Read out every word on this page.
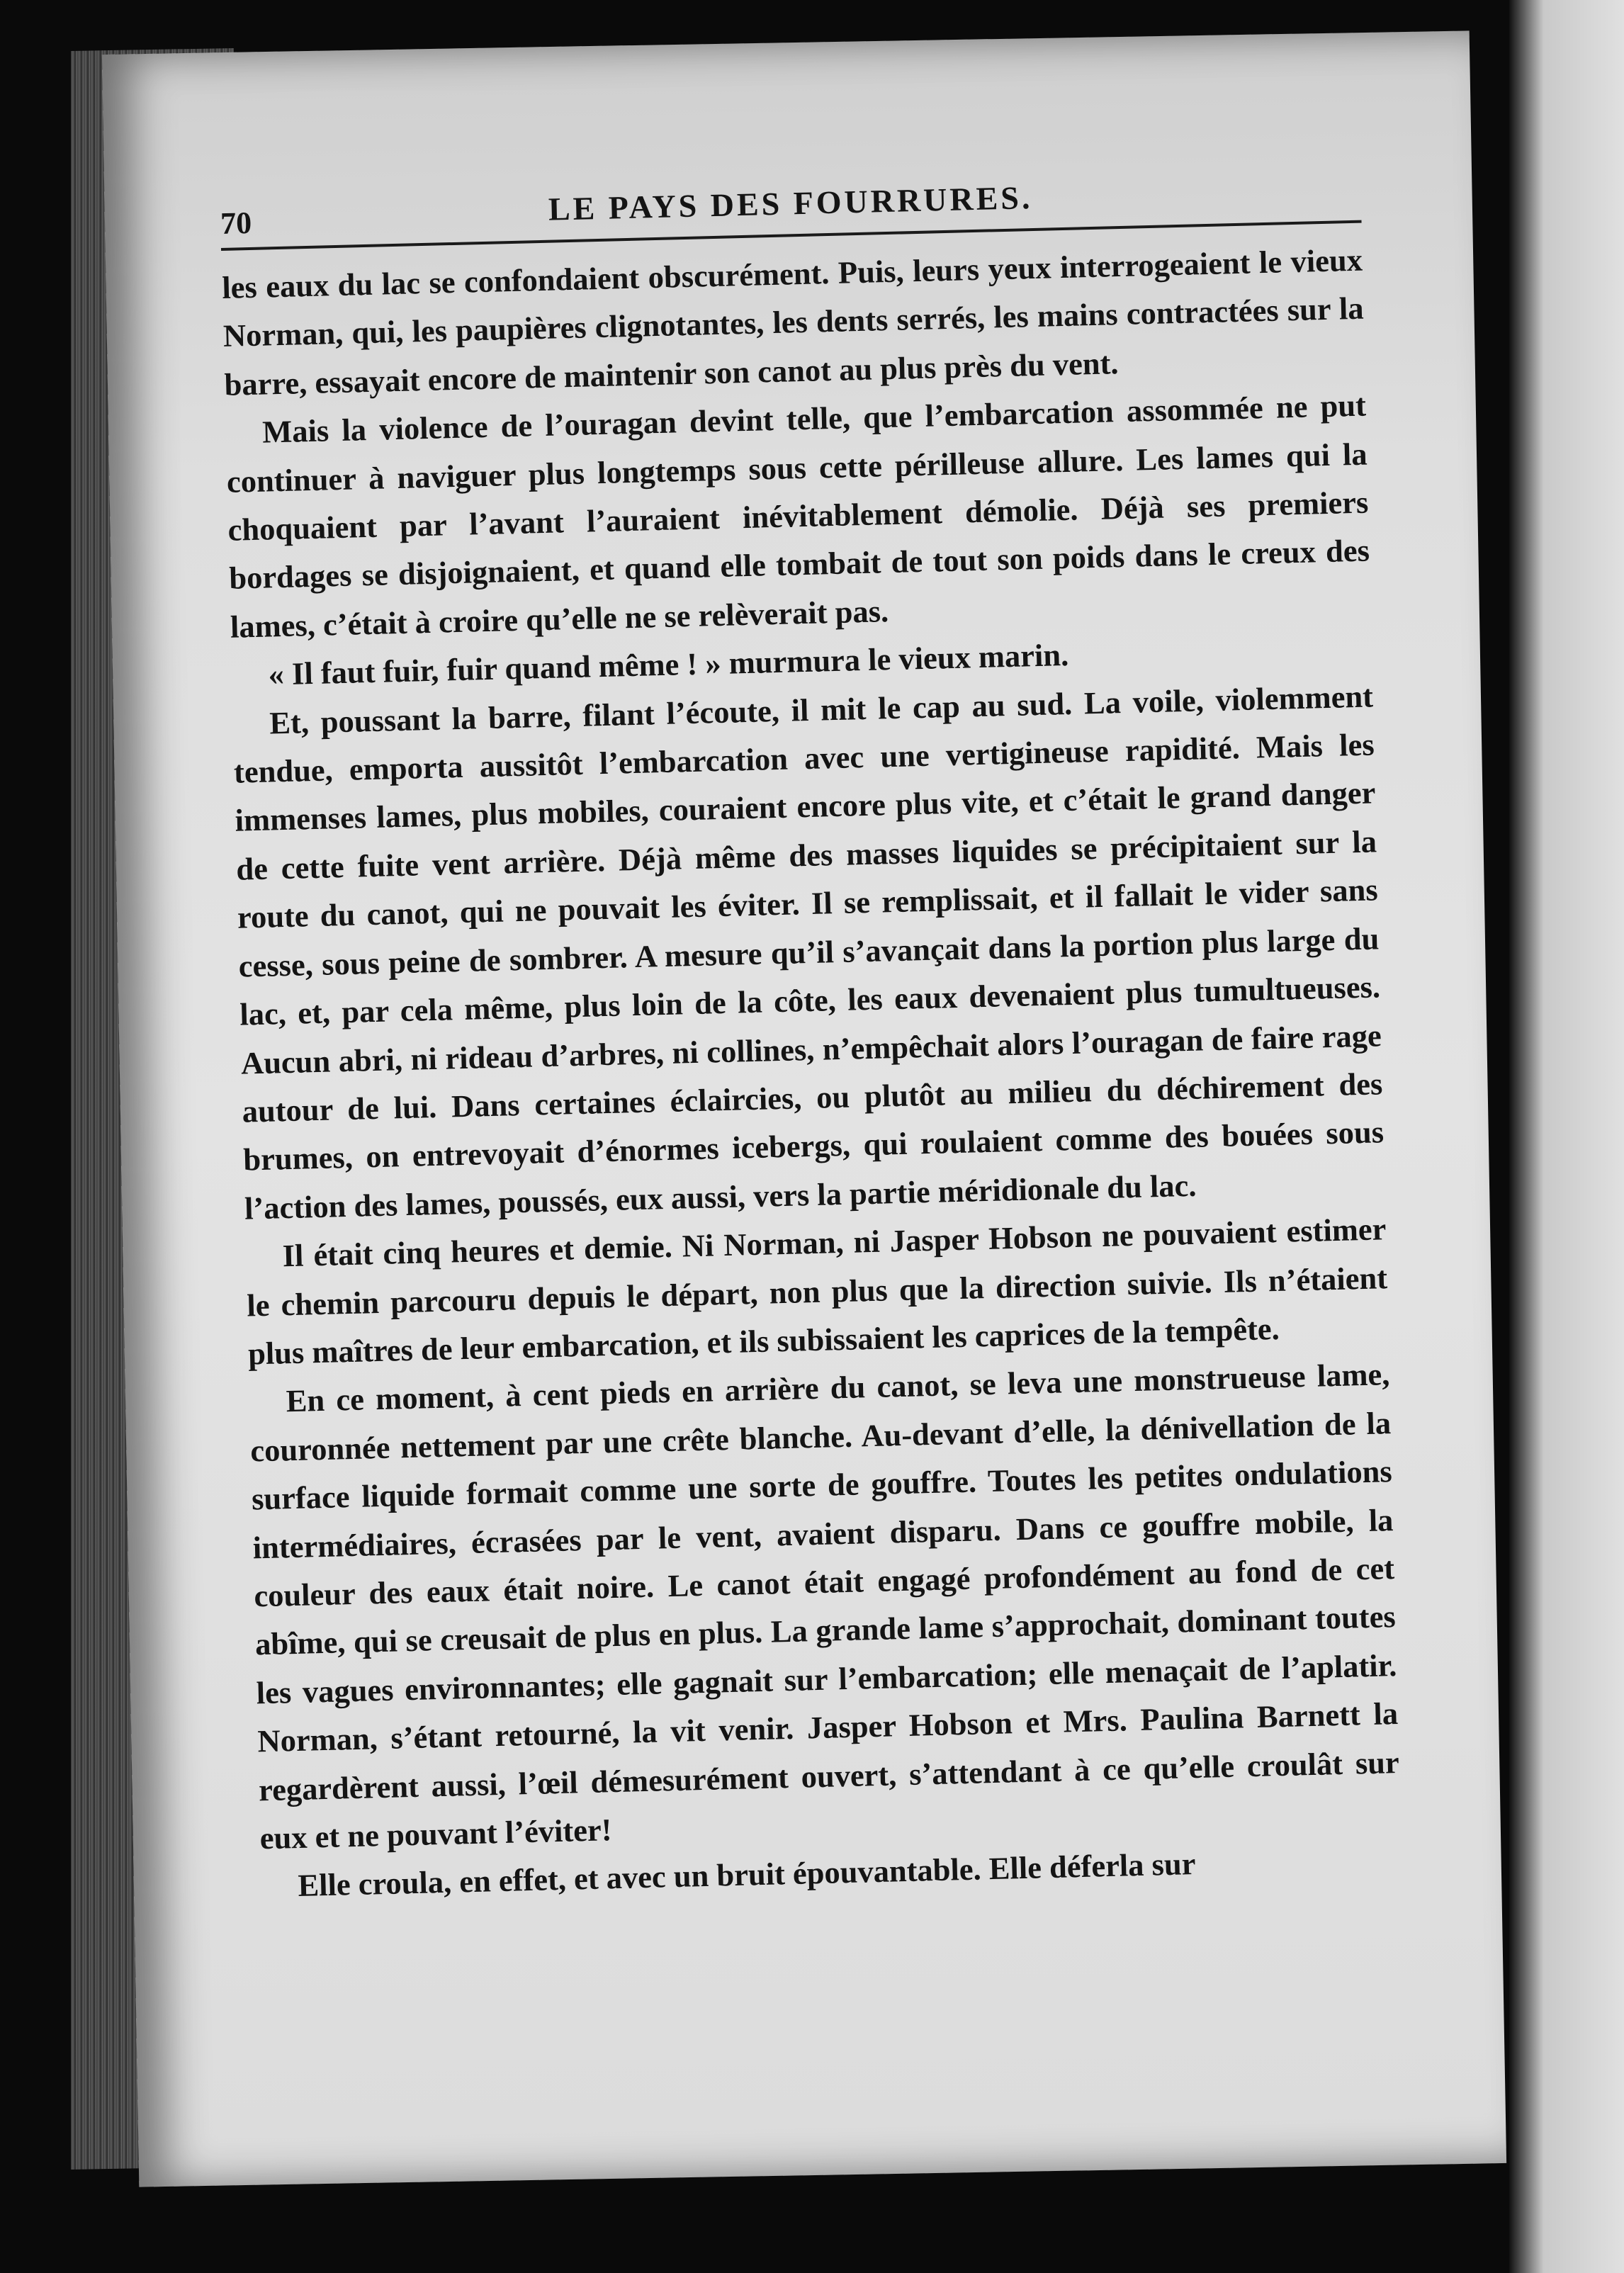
70	LE PAYS DES FOURRURES.

les eaux du lac se confondaient obscurément. Puis, leurs yeux interrogeaient le vieux Norman, qui, les paupières clignotantes, les dents serrés, les mains contractées sur la barre, essayait encore de maintenir son canot au plus près du vent.

Mais la violence de l’ouragan devint telle, que l’embarcation assommée ne put continuer à naviguer plus longtemps sous cette périlleuse allure. Les lames qui la choquaient par l’avant l’auraient inévitablement démolie. Déjà ses premiers bordages se disjoignaient, et quand elle tombait de tout son poids dans le creux des lames, c’était à croire qu’elle ne se relèverait pas.

« Il faut fuir, fuir quand même ! » murmura le vieux marin.

Et, poussant la barre, filant l’écoute, il mit le cap au sud. La voile, violemment tendue, emporta aussitôt l’embarcation avec une vertigineuse rapidité. Mais les immenses lames, plus mobiles, couraient encore plus vite, et c’était le grand danger de cette fuite vent arrière. Déjà même des masses liquides se précipitaient sur la route du canot, qui ne pouvait les éviter. Il se remplissait, et il fallait le vider sans cesse, sous peine de sombrer. A mesure qu’il s’avançait dans la portion plus large du lac, et, par cela même, plus loin de la côte, les eaux devenaient plus tumultueuses. Aucun abri, ni rideau d’arbres, ni collines, n’empêchait alors l’ouragan de faire rage autour de lui. Dans certaines éclaircies, ou plutôt au milieu du déchirement des brumes, on entrevoyait d’énormes icebergs, qui roulaient comme des bouées sous l’action des lames, poussés, eux aussi, vers la partie méridionale du lac.

Il était cinq heures et demie. Ni Norman, ni Jasper Hobson ne pouvaient estimer le chemin parcouru depuis le départ, non plus que la direction suivie. Ils n’étaient plus maîtres de leur embarcation, et ils subissaient les caprices de la tempête.

En ce moment, à cent pieds en arrière du canot, se leva une monstrueuse lame, couronnée nettement par une crête blanche. Au-devant d’elle, la dénivellation de la surface liquide formait comme une sorte de gouffre. Toutes les petites ondulations intermédiaires, écrasées par le vent, avaient disparu. Dans ce gouffre mobile, la couleur des eaux était noire. Le canot était engagé profondément au fond de cet abîme, qui se creusait de plus en plus. La grande lame s’approchait, dominant toutes les vagues environnantes; elle gagnait sur l’embarcation; elle menaçait de l’aplatir. Norman, s’étant retourné, la vit venir. Jasper Hobson et Mrs. Paulina Barnett la regardèrent aussi, l’œil démesurément ouvert, s’attendant à ce qu’elle croulât sur eux et ne pouvant l’éviter!

Elle croula, en effet, et avec un bruit épouvantable. Elle déferla sur
